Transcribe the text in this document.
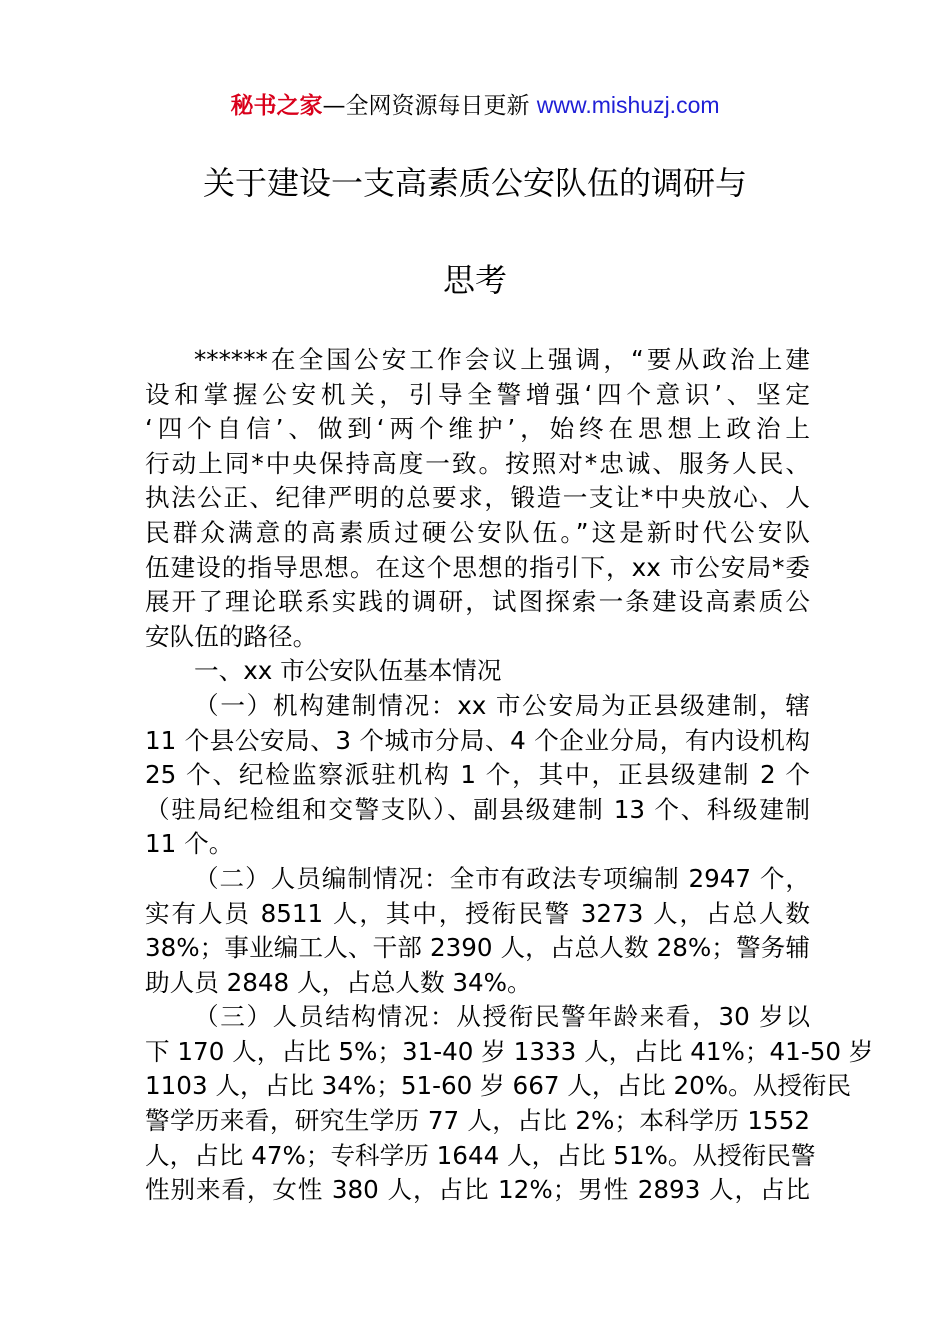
秘书之家—全网资源每日更新 www.mishuzj.com
关于建设一支高素质公安队伍的调研与
思考
******在全国公安工作会议上强调，“要从政治上建
设和掌握公安机关，引导全警增强‘四个意识’、坚定
‘四个自信’、做到‘两个维护’，始终在思想上政治上
行动上同*中央保持高度一致。按照对*忠诚、服务人民、
执法公正、纪律严明的总要求，锻造一支让*中央放心、人
民群众满意的高素质过硬公安队伍。”这是新时代公安队
伍建设的指导思想。在这个思想的指引下，xx 市公安局*委
展开了理论联系实践的调研，试图探索一条建设高素质公
安队伍的路径。
一、xx 市公安队伍基本情况
（一）机构建制情况：xx 市公安局为正县级建制，辖
11 个县公安局、3 个城市分局、4 个企业分局，有内设机构
25 个、纪检监察派驻机构 1 个，其中，正县级建制 2 个
（驻局纪检组和交警支队）、副县级建制 13 个、科级建制
11 个。
（二）人员编制情况：全市有政法专项编制 2947 个，
实有人员 8511 人，其中，授衔民警 3273 人，占总人数
38%；事业编工人、干部 2390 人，占总人数 28%；警务辅
助人员 2848 人，占总人数 34%。
（三）人员结构情况：从授衔民警年龄来看，30 岁以
下 170 人，占比 5%；31-40 岁 1333 人，占比 41%；41-50 岁
1103 人，占比 34%；51-60 岁 667 人，占比 20%。从授衔民
警学历来看，研究生学历 77 人，占比 2%；本科学历 1552
人，占比 47%；专科学历 1644 人，占比 51%。从授衔民警
性别来看，女性 380 人，占比 12%；男性 2893 人，占比
